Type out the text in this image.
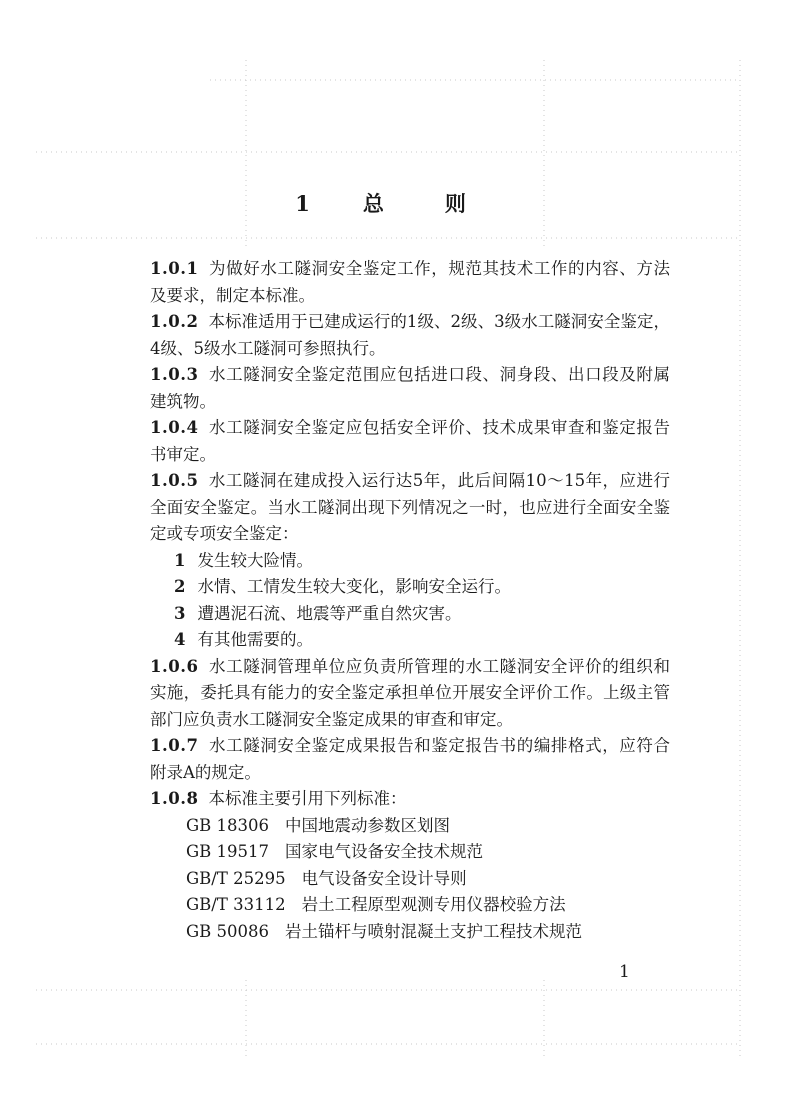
1 总	则

1.0.1 为做好水工隧洞安全鉴定工作，规范其技术工作的内容、方法及要求，制定本标准。

1.0.2 本标准适用于已建成运行的1级、2级、3级水工隧洞安全鉴定，4级、5级水工隧洞可参照执行。

1.0.3 水工隧洞安全鉴定范围应包括进口段、洞身段、出口段及附属建筑物。

1.0.4 水工隧洞安全鉴定应包括安全评价、技术成果审查和鉴定报告书审定。

1.0.5 水工隧洞在建成投入运行达5年，此后间隔10～15年，应进行全面安全鉴定。当水工隧洞出现下列情况之一时，也应进行全面安全鉴定或专项安全鉴定：

1 发生较大险情。

2 水情、工情发生较大变化，影响安全运行。

3 遭遇泥石流、地震等严重自然灾害。

4 有其他需要的。

1.0.6 水工隧洞管理单位应负责所管理的水工隧洞安全评价的组织和实施，委托具有能力的安全鉴定承担单位开展安全评价工作。上级主管部门应负责水工隧洞安全鉴定成果的审查和审定。

1.0.7 水工隧洞安全鉴定成果报告和鉴定报告书的编排格式，应符合附录A的规定。

1.0.8 本标准主要引用下列标准：

GB 18306 中国地震动参数区划图

GB 19517 国家电气设备安全技术规范

GB/T 25295 电气设备安全设计导则

GB/T 33112 岩土工程原型观测专用仪器校验方法

GB 50086 岩土锚杆与喷射混凝土支护工程技术规范

1
